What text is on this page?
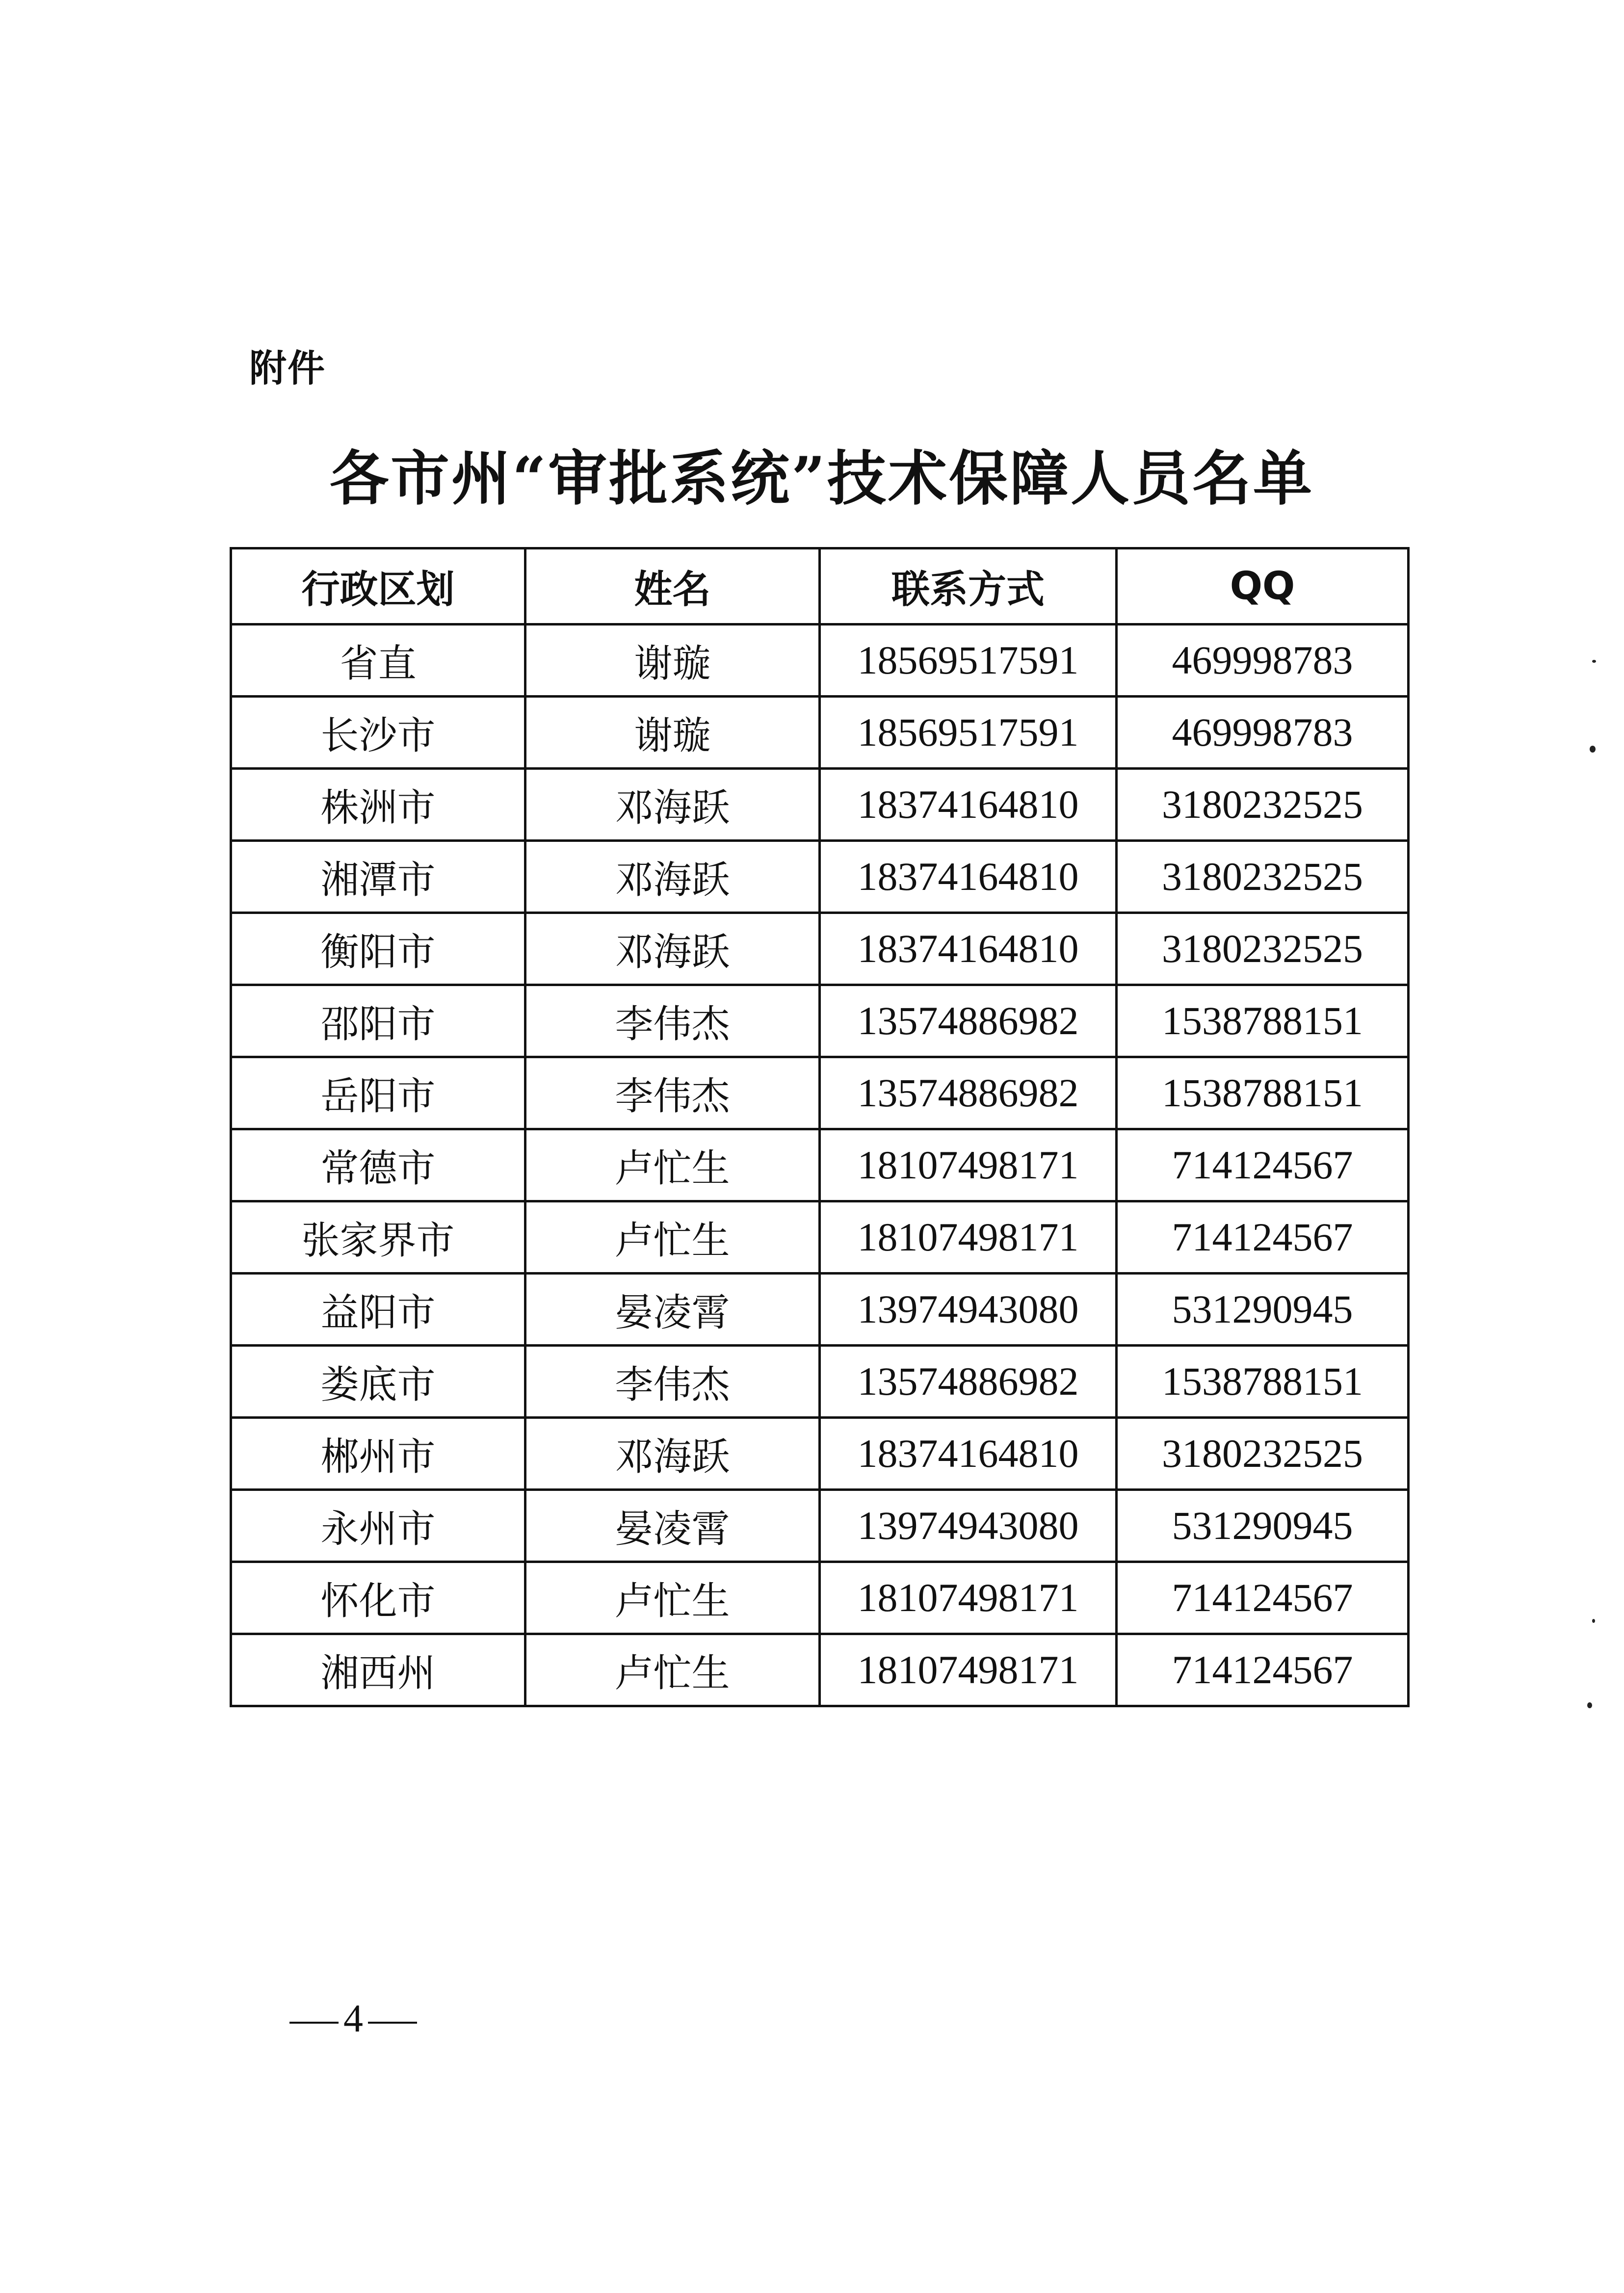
附件
各市州“审批系统”技术保障人员名单
行政区划	姓名	联系方式	QQ
省直	谢璇	18569517591	469998783
长沙市	谢璇	18569517591	469998783
株洲市	邓海跃	18374164810	3180232525
湘潭市	邓海跃	18374164810	3180232525
衡阳市	邓海跃	18374164810	3180232525
邵阳市	李伟杰	13574886982	1538788151
岳阳市	李伟杰	13574886982	1538788151
常德市	卢忙生	18107498171	714124567
张家界市	卢忙生	18107498171	714124567
益阳市	晏凌霄	13974943080	531290945
娄底市	李伟杰	13574886982	1538788151
郴州市	邓海跃	18374164810	3180232525
永州市	晏凌霄	13974943080	531290945
怀化市	卢忙生	18107498171	714124567
湘西州	卢忙生	18107498171	714124567
4
